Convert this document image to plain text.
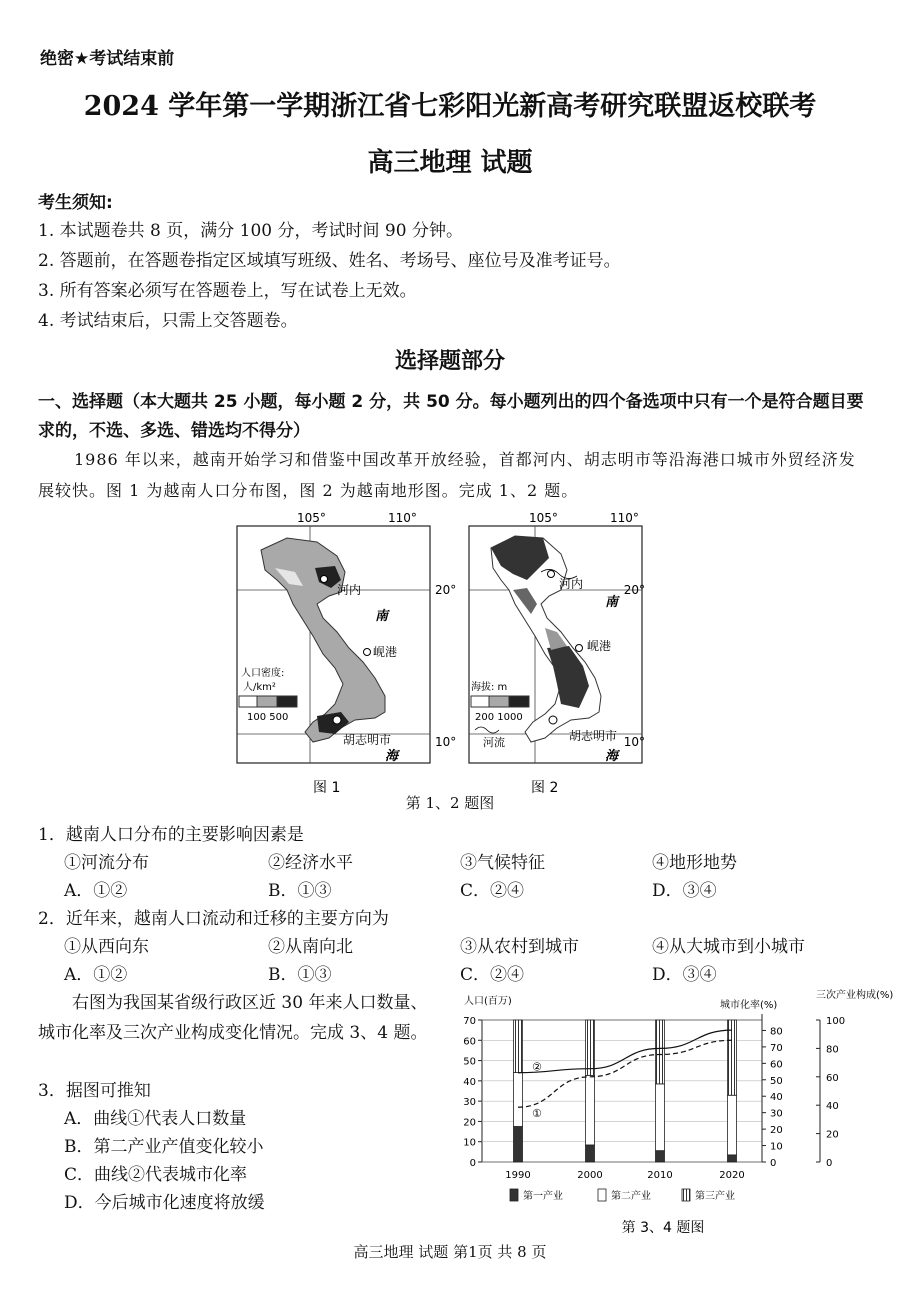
绝密★考试结束前
2024 学年第一学期浙江省七彩阳光新高考研究联盟返校联考
高三地理 试题
考生须知:
1. 本试题卷共 8 页，满分 100 分，考试时间 90 分钟。
2. 答题前，在答题卷指定区域填写班级、姓名、考场号、座位号及准考证号。
3. 所有答案必须写在答题卷上，写在试卷上无效。
4. 考试结束后，只需上交答题卷。
选择题部分
一、选择题（本大题共 25 小题，每小题 2 分，共 50 分。每小题列出的四个备选项中只有一个是符合题目要求的，不选、多选、错选均不得分）
1986 年以来，越南开始学习和借鉴中国改革开放经验，首都河内、胡志明市等沿海港口城市外贸经济发展较快。图 1 为越南人口分布图，图 2 为越南地形图。完成 1、2 题。
105°	110°
20°
10°
河内
南
岘港
胡志明市
海
人口密度:
人/km²
100 500
105°	110°
20°
10°
河内
南
岘港
胡志明市
海
海拔: m
200 1000
河流
图 1	图 2
第 1、2 题图
1．越南人口分布的主要影响因素是
①河流分布	②经济水平	③气候特征	④地形地势
A．①②	B．①③	C．②④	D．③④
2．近年来，越南人口流动和迁移的主要方向为
①从西向东	②从南向北	③从农村到城市	④从大城市到小城市
A．①②	B．①③	C．②④	D．③④
右图为我国某省级行政区近 30 年来人口数量、城市化率及三次产业构成变化情况。完成 3、4 题。
3．据图可推知
A．曲线①代表人口数量
B．第二产业产值变化较小
C．曲线②代表城市化率
D．今后城市化速度将放缓
人口(百万)	城市化率(%)
三次产业构成(%)
0
10
20
30
40
50
60
70
0
10
20
30
40
50
60
70
80
0
20
40
60
80
100
1990	2000	2010	2020
①
②
第一产业	第二产业	第三产业
第 3、4 题图
高三地理 试题 第1页 共 8 页
